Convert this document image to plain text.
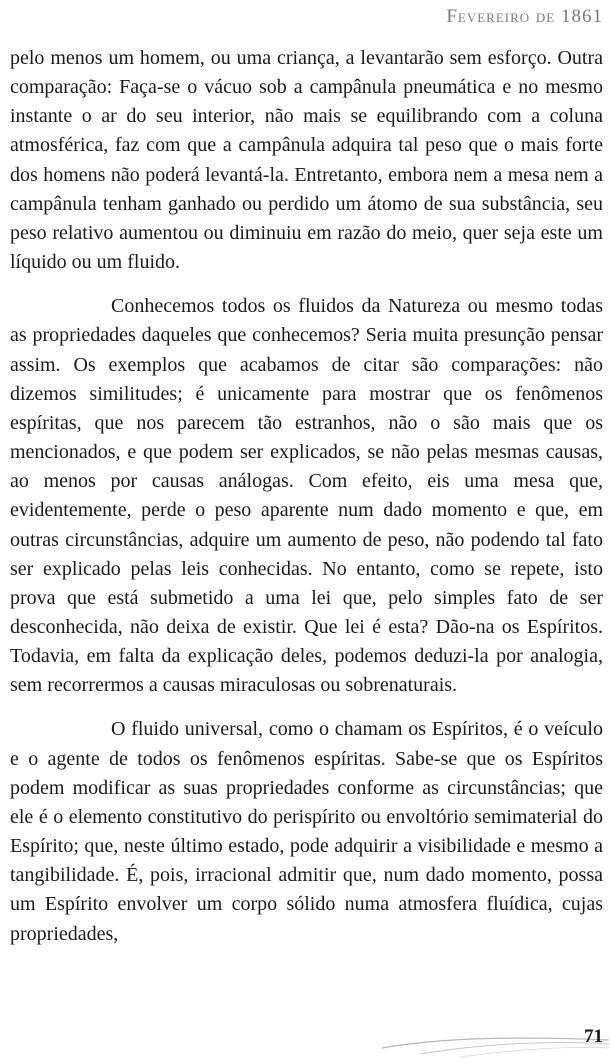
Fevereiro de 1861

pelo menos um homem, ou uma criança, a levantarão sem esforço. Outra comparação: Faça-se o vácuo sob a campânula pneumática e no mesmo instante o ar do seu interior, não mais se equilibrando com a coluna atmosférica, faz com que a campânula adquira tal peso que o mais forte dos homens não poderá levantá-la. Entretanto, embora nem a mesa nem a campânula tenham ganhado ou perdido um átomo de sua substância, seu peso relativo aumentou ou diminuiu em razão do meio, quer seja este um líquido ou um fluido.

Conhecemos todos os fluidos da Natureza ou mesmo todas as propriedades daqueles que conhecemos? Seria muita presunção pensar assim. Os exemplos que acabamos de citar são comparações: não dizemos similitudes; é unicamente para mostrar que os fenômenos espíritas, que nos parecem tão estranhos, não o são mais que os mencionados, e que podem ser explicados, se não pelas mesmas causas, ao menos por causas análogas. Com efeito, eis uma mesa que, evidentemente, perde o peso aparente num dado momento e que, em outras circunstâncias, adquire um aumento de peso, não podendo tal fato ser explicado pelas leis conhecidas. No entanto, como se repete, isto prova que está submetido a uma lei que, pelo simples fato de ser desconhecida, não deixa de existir. Que lei é esta? Dão-na os Espíritos. Todavia, em falta da explicação deles, podemos deduzi-la por analogia, sem recorrermos a causas miraculosas ou sobrenaturais.

O fluido universal, como o chamam os Espíritos, é o veículo e o agente de todos os fenômenos espíritas. Sabe-se que os Espíritos podem modificar as suas propriedades conforme as circunstâncias; que ele é o elemento constitutivo do perispírito ou envoltório semimaterial do Espírito; que, neste último estado, pode adquirir a visibilidade e mesmo a tangibilidade. É, pois, irracional admitir que, num dado momento, possa um Espírito envolver um corpo sólido numa atmosfera fluídica, cujas propriedades,

71
